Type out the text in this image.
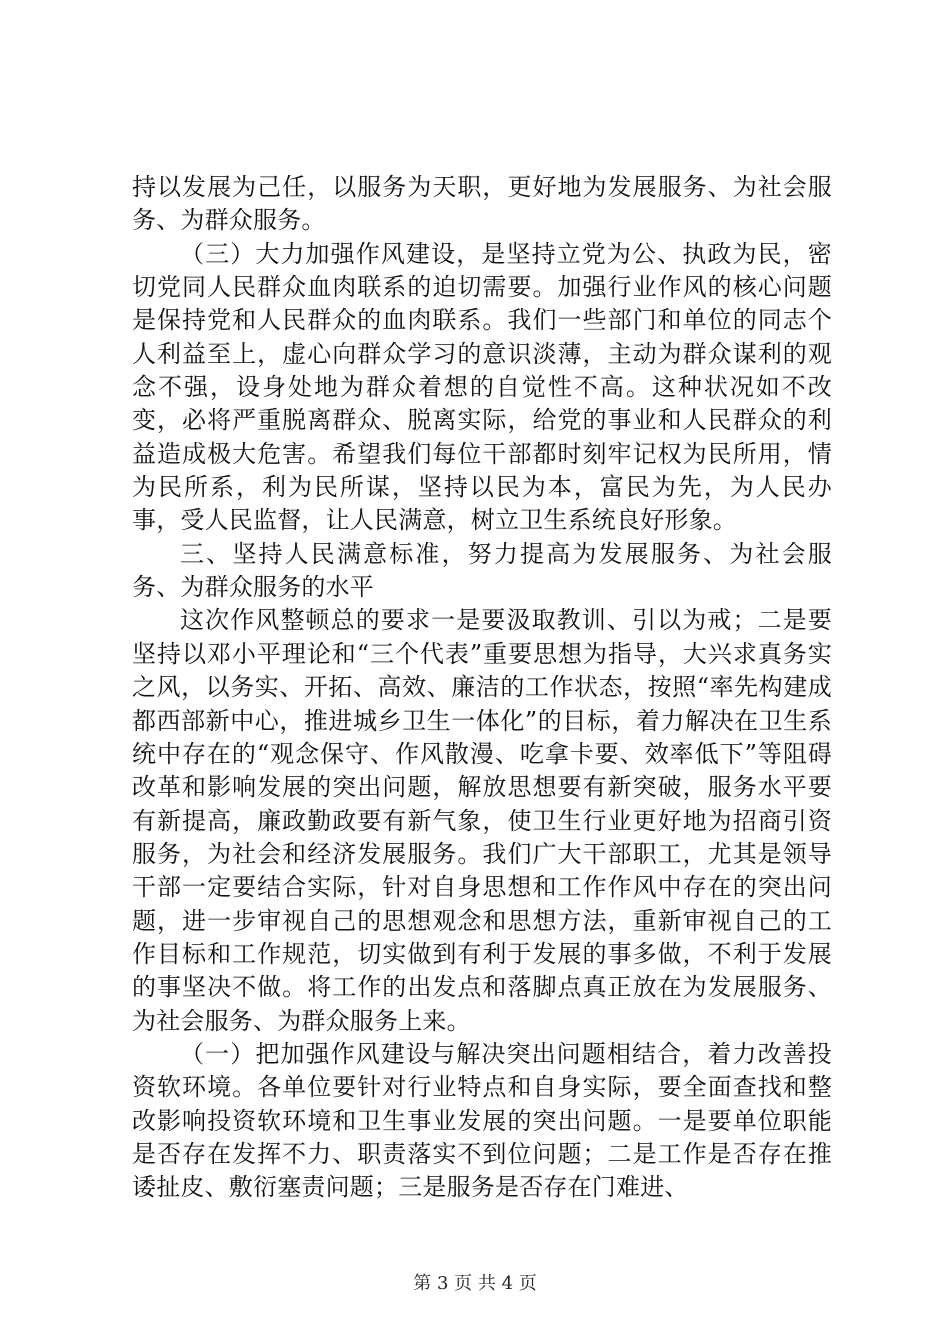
持以发展为己任，以服务为天职，更好地为发展服务、为社会服务、为群众服务。

（三）大力加强作风建设，是坚持立党为公、执政为民，密切党同人民群众血肉联系的迫切需要。加强行业作风的核心问题是保持党和人民群众的血肉联系。我们一些部门和单位的同志个人利益至上，虚心向群众学习的意识淡薄，主动为群众谋利的观念不强，设身处地为群众着想的自觉性不高。这种状况如不改变，必将严重脱离群众、脱离实际，给党的事业和人民群众的利益造成极大危害。希望我们每位干部都时刻牢记权为民所用，情为民所系，利为民所谋，坚持以民为本，富民为先，为人民办事，受人民监督，让人民满意，树立卫生系统良好形象。

三、坚持人民满意标准，努力提高为发展服务、为社会服务、为群众服务的水平

这次作风整顿总的要求一是要汲取教训、引以为戒；二是要坚持以邓小平理论和“三个代表”重要思想为指导，大兴求真务实之风，以务实、开拓、高效、廉洁的工作状态，按照“率先构建成都西部新中心，推进城乡卫生一体化”的目标，着力解决在卫生系统中存在的“观念保守、作风散漫、吃拿卡要、效率低下”等阻碍改革和影响发展的突出问题，解放思想要有新突破，服务水平要有新提高，廉政勤政要有新气象，使卫生行业更好地为招商引资服务，为社会和经济发展服务。我们广大干部职工，尤其是领导干部一定要结合实际，针对自身思想和工作作风中存在的突出问题，进一步审视自己的思想观念和思想方法，重新审视自己的工作目标和工作规范，切实做到有利于发展的事多做，不利于发展的事坚决不做。将工作的出发点和落脚点真正放在为发展服务、为社会服务、为群众服务上来。

（一）把加强作风建设与解决突出问题相结合，着力改善投资软环境。各单位要针对行业特点和自身实际，要全面查找和整改影响投资软环境和卫生事业发展的突出问题。一是要单位职能是否存在发挥不力、职责落实不到位问题；二是工作是否存在推诿扯皮、敷衍塞责问题；三是服务是否存在门难进、

第 3 页 共 4 页
